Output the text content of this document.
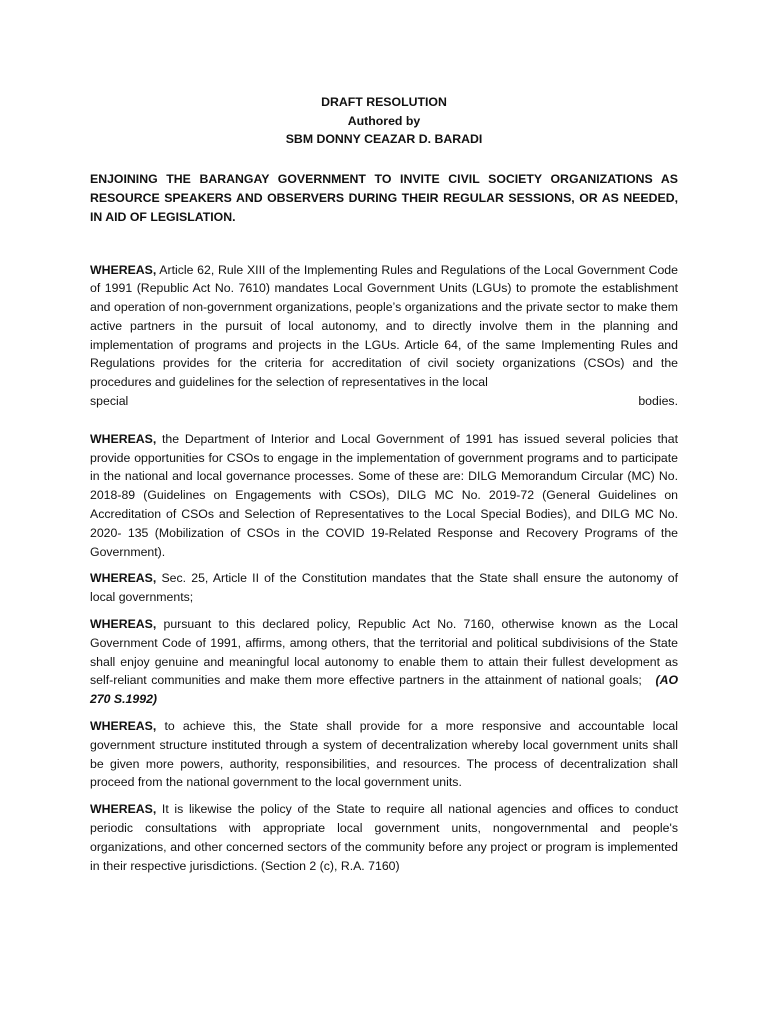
DRAFT RESOLUTION
Authored by
SBM DONNY CEAZAR D. BARADI
ENJOINING THE BARANGAY GOVERNMENT TO INVITE CIVIL SOCIETY ORGANIZATIONS AS RESOURCE SPEAKERS AND OBSERVERS DURING THEIR REGULAR SESSIONS, OR AS NEEDED, IN AID OF LEGISLATION.

WHEREAS, Article 62, Rule XIII of the Implementing Rules and Regulations of the Local Government Code of 1991 (Republic Act No. 7610) mandates Local Government Units (LGUs) to promote the establishment and operation of non-government organizations, people’s organizations and the private sector to make them active partners in the pursuit of local autonomy, and to directly involve them in the planning and implementation of programs and projects in the LGUs. Article 64, of the same Implementing Rules and Regulations provides for the criteria for accreditation of civil society organizations (CSOs) and the procedures and guidelines for the selection of representatives in the local

special	bodies.

WHEREAS, the Department of Interior and Local Government of 1991 has issued several policies that provide opportunities for CSOs to engage in the implementation of government programs and to participate in the national and local governance processes. Some of these are: DILG Memorandum Circular (MC) No. 2018-89 (Guidelines on Engagements with CSOs), DILG MC No. 2019-72 (General Guidelines on Accreditation of CSOs and Selection of Representatives to the Local Special Bodies), and DILG MC No. 2020- 135 (Mobilization of CSOs in the COVID 19-Related Response and Recovery Programs of the Government).

WHEREAS, Sec. 25, Article II of the Constitution mandates that the State shall ensure the autonomy of local governments;

WHEREAS, pursuant to this declared policy, Republic Act No. 7160, otherwise known as the Local Government Code of 1991, affirms, among others, that the territorial and political subdivisions of the State shall enjoy genuine and meaningful local autonomy to enable them to attain their fullest development as self-reliant communities and make them more effective partners in the attainment of national goals; (AO 270 S.1992)

WHEREAS, to achieve this, the State shall provide for a more responsive and accountable local government structure instituted through a system of decentralization whereby local government units shall be given more powers, authority, responsibilities, and resources. The process of decentralization shall proceed from the national government to the local government units.

WHEREAS, It is likewise the policy of the State to require all national agencies and offices to conduct periodic consultations with appropriate local government units, nongovernmental and people's organizations, and other concerned sectors of the community before any project or program is implemented in their respective jurisdictions. (Section 2 (c), R.A. 7160)
